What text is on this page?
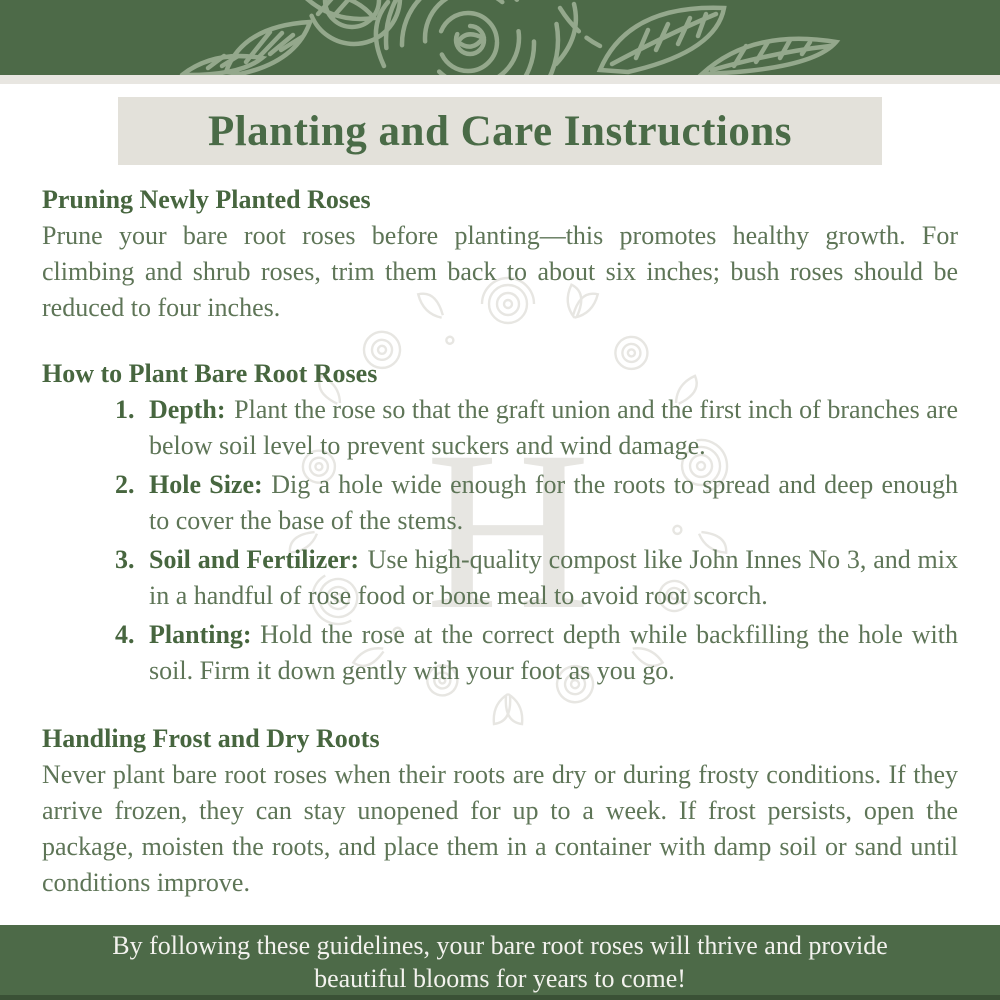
H
Planting and Care Instructions
Pruning Newly Planted Roses

Prune your bare root roses before planting—this promotes healthy growth. For climbing and shrub roses, trim them back to about six inches; bush roses should be reduced to four inches.

How to Plant Bare Root Roses
1. Depth: Plant the rose so that the graft union and the first inch of branches are below soil level to prevent suckers and wind damage.

2. Hole Size: Dig a hole wide enough for the roots to spread and deep enough to cover the base of the stems.

3. Soil and Fertilizer: Use high-quality compost like John Innes No 3, and mix in a handful of rose food or bone meal to avoid root scorch.

4. Planting: Hold the rose at the correct depth while backfilling the hole with soil. Firm it down gently with your foot as you go.

Handling Frost and Dry Roots

Never plant bare root roses when their roots are dry or during frosty conditions. If they arrive frozen, they can stay unopened for up to a week. If frost persists, open the package, moisten the roots, and place them in a container with damp soil or sand until conditions improve.

By following these guidelines, your bare root roses will thrive and provide
beautiful blooms for years to come!
